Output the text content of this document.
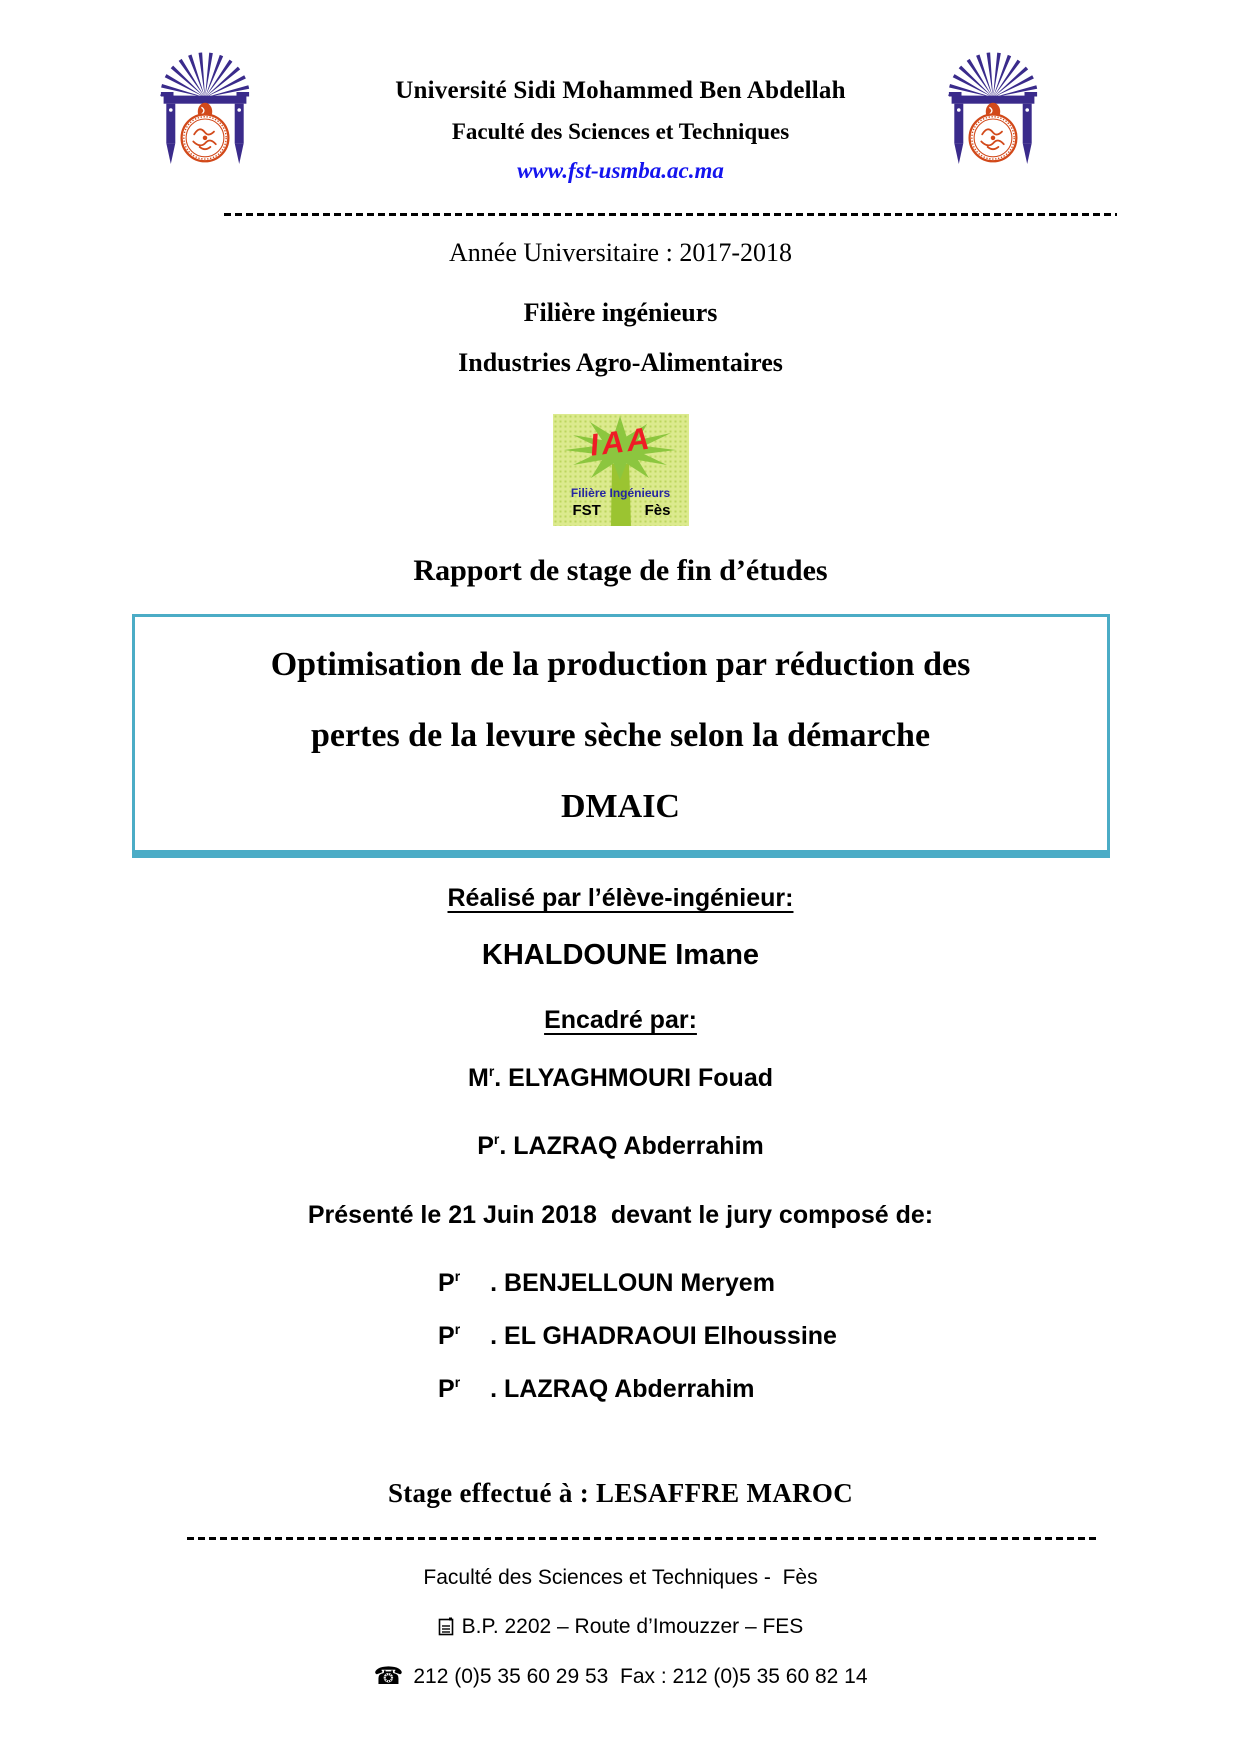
Université Sidi Mohammed Ben Abdellah
Faculté des Sciences et Techniques
www.fst-usmba.ac.ma
Année Universitaire : 2017-2018
Filière ingénieurs
Industries Agro-Alimentaires
IAA
Filière Ingénieurs
FST	Fès
Rapport de stage de fin d’études
Optimisation de la production par réduction des
pertes de la levure sèche selon la démarche
DMAIC
Réalisé par l’élève-ingénieur:
KHALDOUNE Imane
Encadré par:
$M^r$. ELYAGHMOURI Fouad
$P^r$. LAZRAQ Abderrahim
Présenté le 21 Juin 2018  devant le jury composé de:
$P^r$ . BENJELLOUN Meryem
$P^r$ . EL GHADRAOUI Elhoussine
$P^r$ . LAZRAQ Abderrahim
Stage effectué à : LESAFFRE MAROC
Faculté des Sciences et Techniques -  Fès
B.P. 2202 – Route d’Imouzzer – FES
☎ 212 (0)5 35 60 29 53  Fax : 212 (0)5 35 60 82 14
